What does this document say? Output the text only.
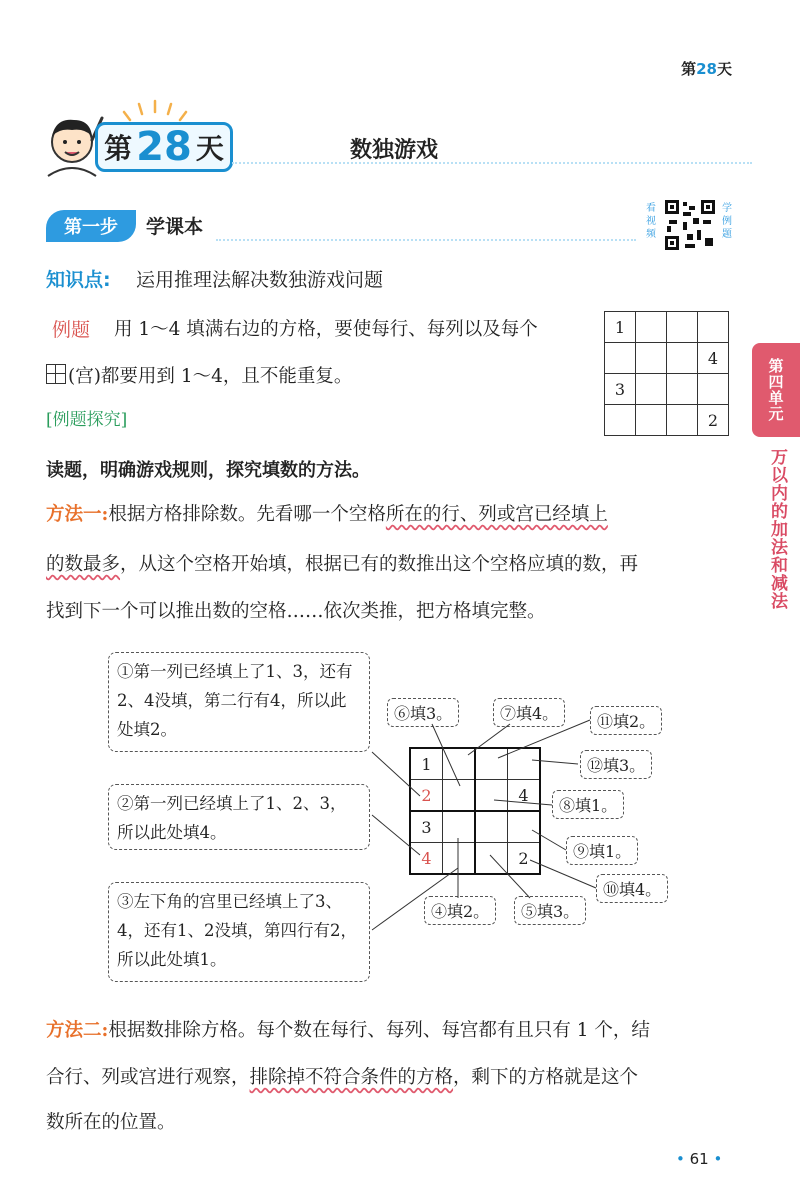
第28天
第 28 天	数独游戏
第一步	学课本
看视频
学例题
知识点: 运用推理法解决数独游戏问题
例题 用 1～4 填满右边的方格，要使每行、每列以及每个
(宫)都要用到 1～4，且不能重复。
[例题探究]
1			
			4
3			
			2	第四单元
万以内的加法和减法
读题，明确游戏规则，探究填数的方法。
方法一:根据方格排除数。先看哪一个空格所在的行、列或宫已经填上
的数最多，从这个空格开始填，根据已有的数推出这个空格应填的数，再
找到下一个可以推出数的空格……依次类推，把方格填完整。
①第一列已经填上了1、3，还有2、4没填，第二行有4，所以此处填2。
②第一列已经填上了1、2、3，所以此处填4。
③左下角的宫里已经填上了3、4，还有1、2没填，第四行有2，所以此处填1。
⑥填3。	⑦填4。	⑪填2。
⑫填3。
⑧填1。
⑨填1。
⑩填4。
④填2。	⑤填3。
1			
2			4
3			
4			2
方法二:根据数排除方格。每个数在每行、每列、每宫都有且只有 1 个，结
合行、列或宫进行观察，排除掉不符合条件的方格，剩下的方格就是这个
数所在的位置。
• 61 •
